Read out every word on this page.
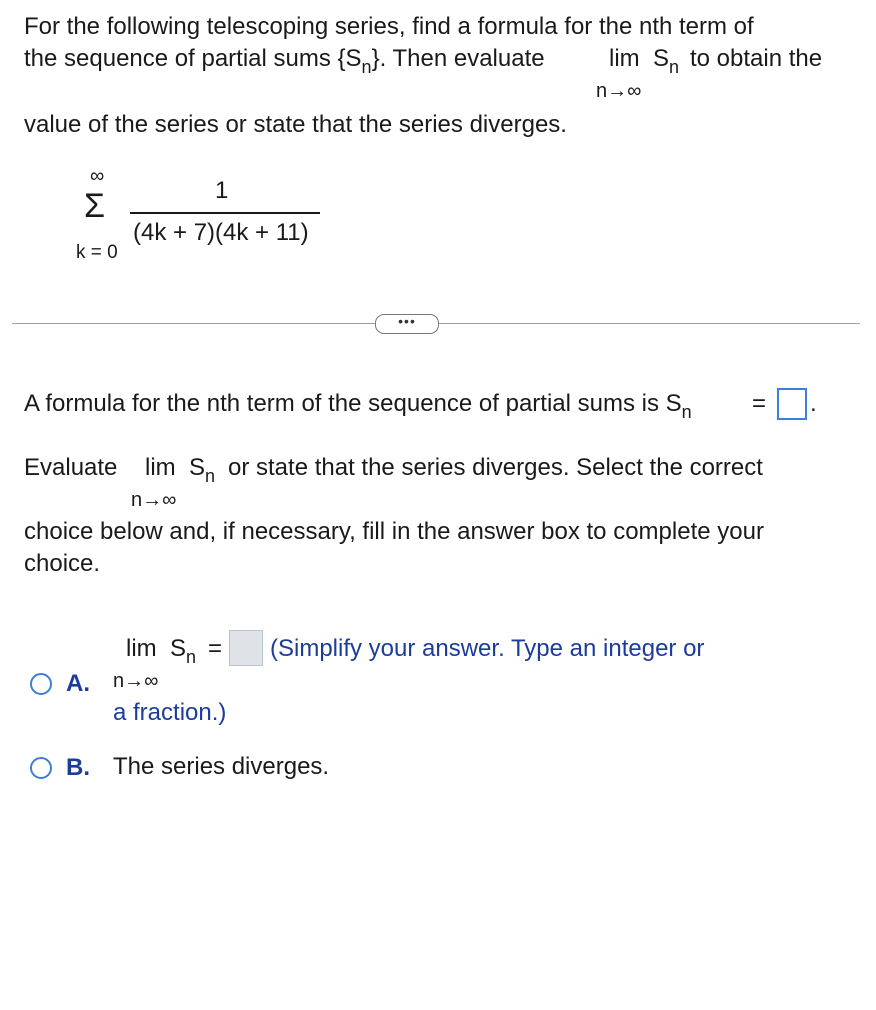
For the following telescoping series, find a formula for the nth term of
the sequence of partial sums $\{S_n\}$. Then evaluate	$\lim S_n$ to obtain the
n→∞
value of the series or state that the series diverges.
∞
Σ
k = 0
1
(4k + 7)(4k + 11)
•••
A formula for the nth term of the sequence of partial sums is $S_n$	= .
Evaluate $\lim S_n$ or state that the series diverges. Select the correct
n→∞
choice below and, if necessary, fill in the answer box to complete your
choice.
A.
$\lim S_n$ =
n→∞
(Simplify your answer. Type an integer or
a fraction.)
B. The series diverges.
